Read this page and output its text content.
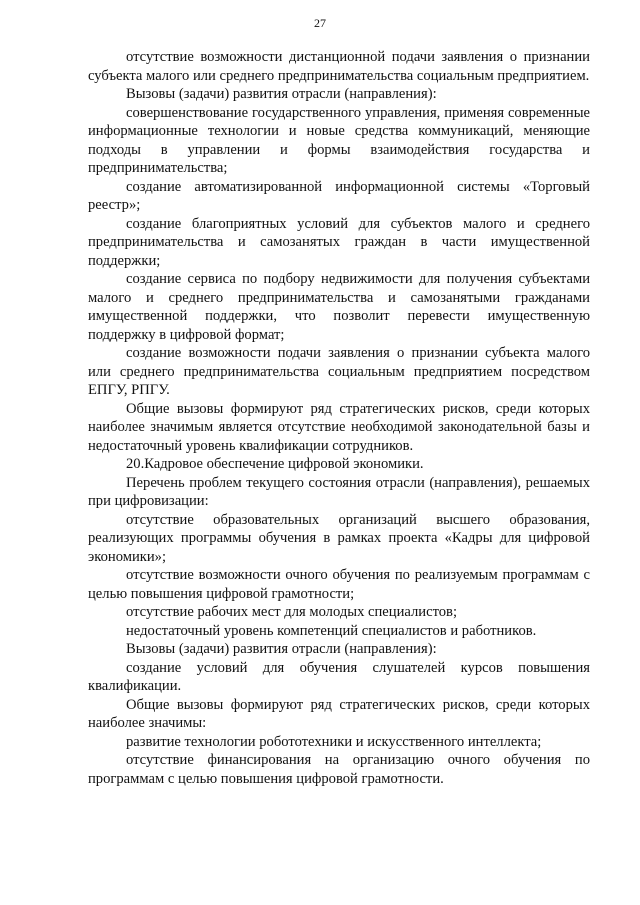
27

отсутствие возможности дистанционной подачи заявления о признании субъекта малого или среднего предпринимательства социальным предприятием.

Вызовы (задачи) развития отрасли (направления):

совершенствование государственного управления, применяя современные информационные технологии и новые средства коммуникаций, меняющие подходы в управлении и формы взаимодействия государства и предпринимательства;

создание автоматизированной информационной системы «Торговый реестр»;

создание благоприятных условий для субъектов малого и среднего предпринимательства и самозанятых граждан в части имущественной поддержки;

создание сервиса по подбору недвижимости для получения субъектами малого и среднего предпринимательства и самозанятыми гражданами имущественной поддержки, что позволит перевести имущественную поддержку в цифровой формат;

создание возможности подачи заявления о признании субъекта малого или среднего предпринимательства социальным предприятием посредством ЕПГУ, РПГУ.

Общие вызовы формируют ряд стратегических рисков, среди которых наиболее значимым является отсутствие необходимой законодательной базы и недостаточный уровень квалификации сотрудников.

20.Кадровое обеспечение цифровой экономики.

Перечень проблем текущего состояния отрасли (направления), решаемых при цифровизации:

отсутствие образовательных организаций высшего образования, реализующих программы обучения в рамках проекта «Кадры для цифровой экономики»;

отсутствие возможности очного обучения по реализуемым программам с целью повышения цифровой грамотности;

отсутствие рабочих мест для молодых специалистов;

недостаточный уровень компетенций специалистов и работников.

Вызовы (задачи) развития отрасли (направления):

создание условий для обучения слушателей курсов повышения квалификации.

Общие вызовы формируют ряд стратегических рисков, среди которых наиболее значимы:

развитие технологии робототехники и искусственного интеллекта;

отсутствие финансирования на организацию очного обучения по программам с целью повышения цифровой грамотности.
